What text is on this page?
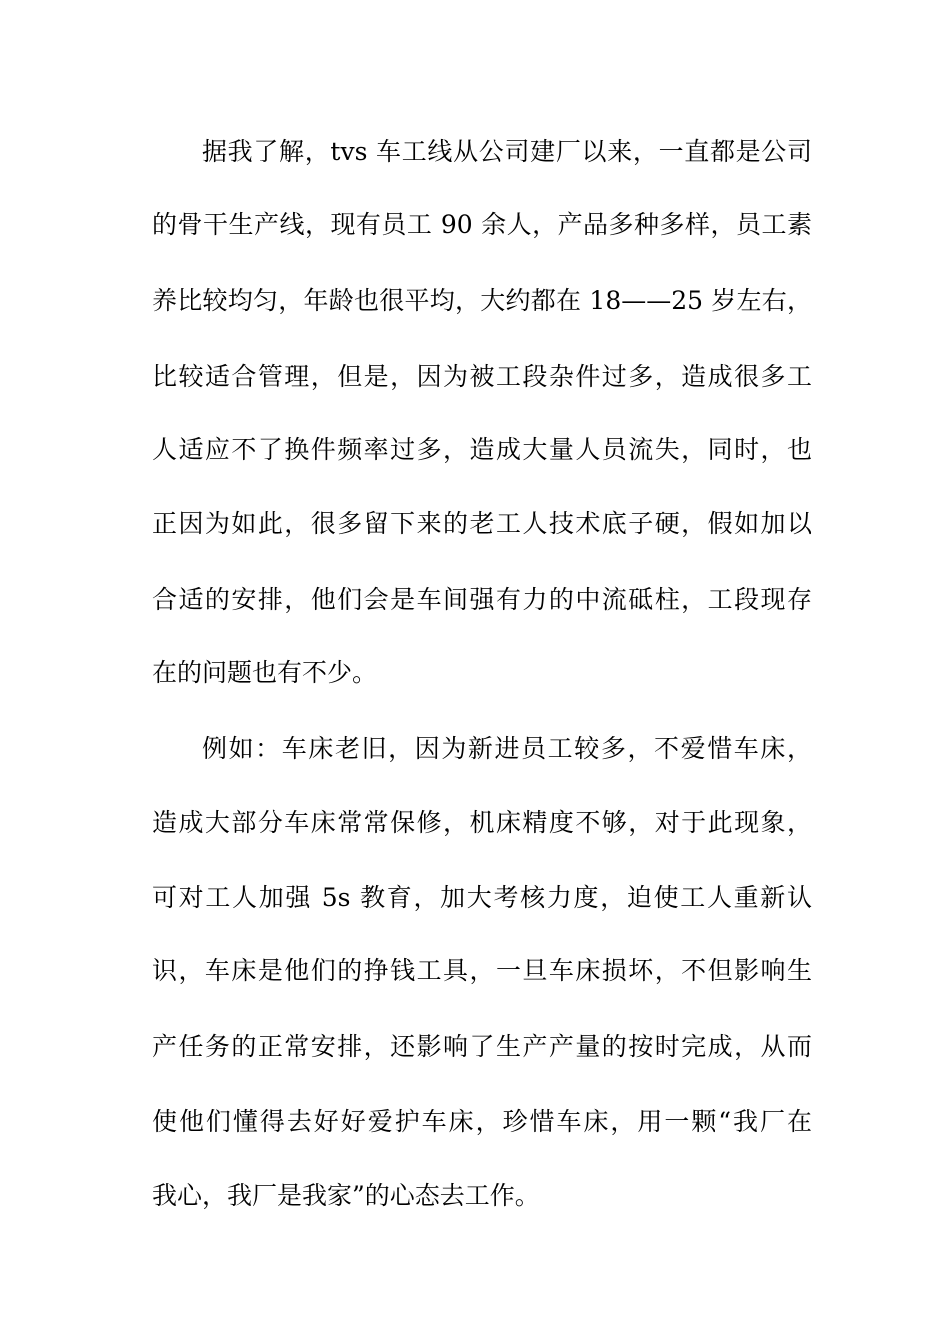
据我了解，tvs 车工线从公司建厂以来，一直都是公司
的骨干生产线，现有员工 90 余人，产品多种多样，员工素
养比较均匀，年龄也很平均，大约都在 18——25 岁左右，
比较适合管理，但是，因为被工段杂件过多，造成很多工
人适应不了换件频率过多，造成大量人员流失，同时，也
正因为如此，很多留下来的老工人技术底子硬，假如加以
合适的安排，他们会是车间强有力的中流砥柱，工段现存
在的问题也有不少。
例如：车床老旧，因为新进员工较多，不爱惜车床，
造成大部分车床常常保修，机床精度不够，对于此现象，
可对工人加强 5s 教育，加大考核力度，迫使工人重新认
识，车床是他们的挣钱工具，一旦车床损坏，不但影响生
产任务的正常安排，还影响了生产产量的按时完成，从而
使他们懂得去好好爱护车床，珍惜车床，用一颗“我厂在
我心，我厂是我家”的心态去工作。
